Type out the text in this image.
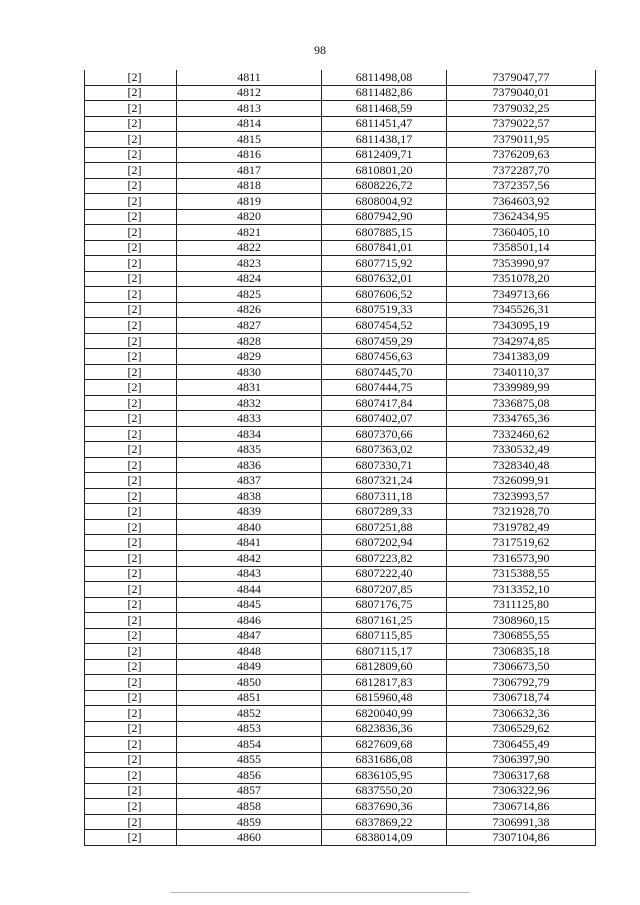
98
[2]	4811	6811498,08	7379047,77
[2]	4812	6811482,86	7379040,01
[2]	4813	6811468,59	7379032,25
[2]	4814	6811451,47	7379022,57
[2]	4815	6811438,17	7379011,95
[2]	4816	6812409,71	7376209,63
[2]	4817	6810801,20	7372287,70
[2]	4818	6808226,72	7372357,56
[2]	4819	6808004,92	7364603,92
[2]	4820	6807942,90	7362434,95
[2]	4821	6807885,15	7360405,10
[2]	4822	6807841,01	7358501,14
[2]	4823	6807715,92	7353990,97
[2]	4824	6807632,01	7351078,20
[2]	4825	6807606,52	7349713,66
[2]	4826	6807519,33	7345526,31
[2]	4827	6807454,52	7343095,19
[2]	4828	6807459,29	7342974,85
[2]	4829	6807456,63	7341383,09
[2]	4830	6807445,70	7340110,37
[2]	4831	6807444,75	7339989,99
[2]	4832	6807417,84	7336875,08
[2]	4833	6807402,07	7334765,36
[2]	4834	6807370,66	7332460,62
[2]	4835	6807363,02	7330532,49
[2]	4836	6807330,71	7328340,48
[2]	4837	6807321,24	7326099,91
[2]	4838	6807311,18	7323993,57
[2]	4839	6807289,33	7321928,70
[2]	4840	6807251,88	7319782,49
[2]	4841	6807202,94	7317519,62
[2]	4842	6807223,82	7316573,90
[2]	4843	6807222,40	7315388,55
[2]	4844	6807207,85	7313352,10
[2]	4845	6807176,75	7311125,80
[2]	4846	6807161,25	7308960,15
[2]	4847	6807115,85	7306855,55
[2]	4848	6807115,17	7306835,18
[2]	4849	6812809,60	7306673,50
[2]	4850	6812817,83	7306792,79
[2]	4851	6815960,48	7306718,74
[2]	4852	6820040,99	7306632,36
[2]	4853	6823836,36	7306529,62
[2]	4854	6827609,68	7306455,49
[2]	4855	6831686,08	7306397,90
[2]	4856	6836105,95	7306317,68
[2]	4857	6837550,20	7306322,96
[2]	4858	6837690,36	7306714,86
[2]	4859	6837869,22	7306991,38
[2]	4860	6838014,09	7307104,86
